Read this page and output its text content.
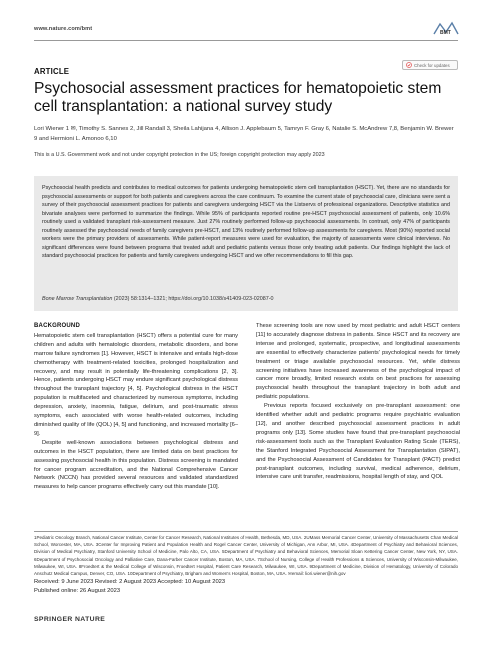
www.nature.com/bmt
BMT
Check for updates
ARTICLE
Psychosocial assessment practices for hematopoietic stem cell transplantation: a national survey study
Lori Wiener 1 ✉, Timothy S. Sannes 2, Jill Randall 3, Sheila Lahijana 4, Allison J. Applebaum 5, Tamryn F. Gray 6, Natalie S. McAndrew 7,8, Benjamin W. Brewer 9 and Hermioni L. Amonoo 6,10
This is a U.S. Government work and not under copyright protection in the US; foreign copyright protection may apply 2023

Psychosocial health predicts and contributes to medical outcomes for patients undergoing hematopoietic stem cell transplantation (HSCT). Yet, there are no standards for psychosocial assessments or support for both patients and caregivers across the care continuum. To examine the current state of psychosocial care, clinicians were sent a survey of their psychosocial assessment practices for patients and caregivers undergoing HSCT via the Listservs of professional organizations. Descriptive statistics and bivariate analyses were performed to summarize the findings. While 95% of participants reported routine pre-HSCT psychosocial assessment of patients, only 10.6% routinely used a validated transplant risk-assessment measure. Just 27% routinely performed follow-up psychosocial assessments. In contrast, only 47% of participants routinely assessed the psychosocial needs of family caregivers pre-HSCT, and 13% routinely performed follow-up assessments for caregivers. Most (90%) reported social workers were the primary providers of assessments. While patient-report measures were used for evaluation, the majority of assessments were clinical interviews. No significant differences were found between programs that treated adult and pediatric patients versus those only treating adult patients. Our findings highlight the lack of standard psychosocial practices for patients and family caregivers undergoing HSCT and we offer recommendations to fill this gap.

Bone Marrow Transplantation (2023) 58:1314–1321; https://doi.org/10.1038/s41409-023-02087-0
BACKGROUND

Hematopoietic stem cell transplantation (HSCT) offers a potential cure for many children and adults with hematologic disorders, metabolic disorders, and bone marrow failure syndromes [1]. However, HSCT is intensive and entails high-dose chemotherapy with treatment-related toxicities, prolonged hospitalization and recovery, and may result in potentially life-threatening complications [2, 3]. Hence, patients undergoing HSCT may endure significant psychological distress throughout the transplant trajectory [4, 5]. Psychological distress in the HSCT population is multifaceted and characterized by numerous symptoms, including depression, anxiety, insomnia, fatigue, delirium, and post-traumatic stress symptoms, each associated with worse health-related outcomes, including diminished quality of life (QOL) [4, 5] and functioning, and increased mortality [6–9].

Despite well-known associations between psychological distress and outcomes in the HSCT population, there are limited data on best practices for assessing psychosocial health in this population. Distress screening is mandated for cancer program accreditation, and the National Comprehensive Cancer Network (NCCN) has provided several resources and validated standardized measures to help cancer programs effectively carry out this mandate [10].

These screening tools are now used by most pediatric and adult HSCT centers [11] to accurately diagnose distress in patients. Since HSCT and its recovery are intense and prolonged, systematic, prospective, and longitudinal assessments are essential to effectively characterize patients' psychological needs for timely treatment or triage available psychosocial resources. Yet, while distress screening initiatives have increased awareness of the psychological impact of cancer more broadly, limited research exists on best practices for assessing psychosocial health throughout the transplant trajectory in both adult and pediatric populations.

Previous reports focused exclusively on pre-transplant assessment: one identified whether adult and pediatric programs require psychiatric evaluation [12], and another described psychosocial assessment practices in adult programs only [13]. Some studies have found that pre-transplant psychosocial risk-assessment tools such as the Transplant Evaluation Rating Scale (TERS), the Stanford Integrated Psychosocial Assessment for Transplantation (SIPAT), and the Psychosocial Assessment of Candidates for Transplant (PACT) predict post-transplant outcomes, including survival, medical adherence, delirium, intensive care unit transfer, readmissions, hospital length of stay, and QOL

1Pediatric Oncology Branch, National Cancer Institute, Center for Cancer Research, National Institutes of Health, Bethesda, MD, USA. 2UMass Memorial Cancer Center, University of Massachusetts Chan Medical School, Worcester, MA, USA. 3Center for Improving Patient and Population Health and Rogel Cancer Center, University of Michigan, Ann Arbor, MI, USA. 4Department of Psychiatry and Behavioral Sciences, Division of Medical Psychiatry, Stanford University School of Medicine, Palo Alto, CA, USA. 5Department of Psychiatry and Behavioral Sciences, Memorial Sloan Kettering Cancer Center, New York, NY, USA. 6Department of Psychosocial Oncology and Palliative Care, Dana-Farber Cancer Institute, Boston, MA, USA. 7School of Nursing, College of Health Professions & Sciences, University of Wisconsin-Milwaukee, Milwaukee, WI, USA. 8Froedtert & the Medical College of Wisconsin, Froedtert Hospital, Patient Care Research, Milwaukee, WI, USA. 9Department of Medicine, Division of Hematology, University of Colorado Anschutz Medical Campus, Denver, CO, USA. 10Department of Psychiatry, Brigham and Women's Hospital, Boston, MA, USA. ✉email: liori.wiener@nih.gov
Received: 9 June 2023 Revised: 2 August 2023 Accepted: 10 August 2023
Published online: 26 August 2023
SPRINGER NATURE
